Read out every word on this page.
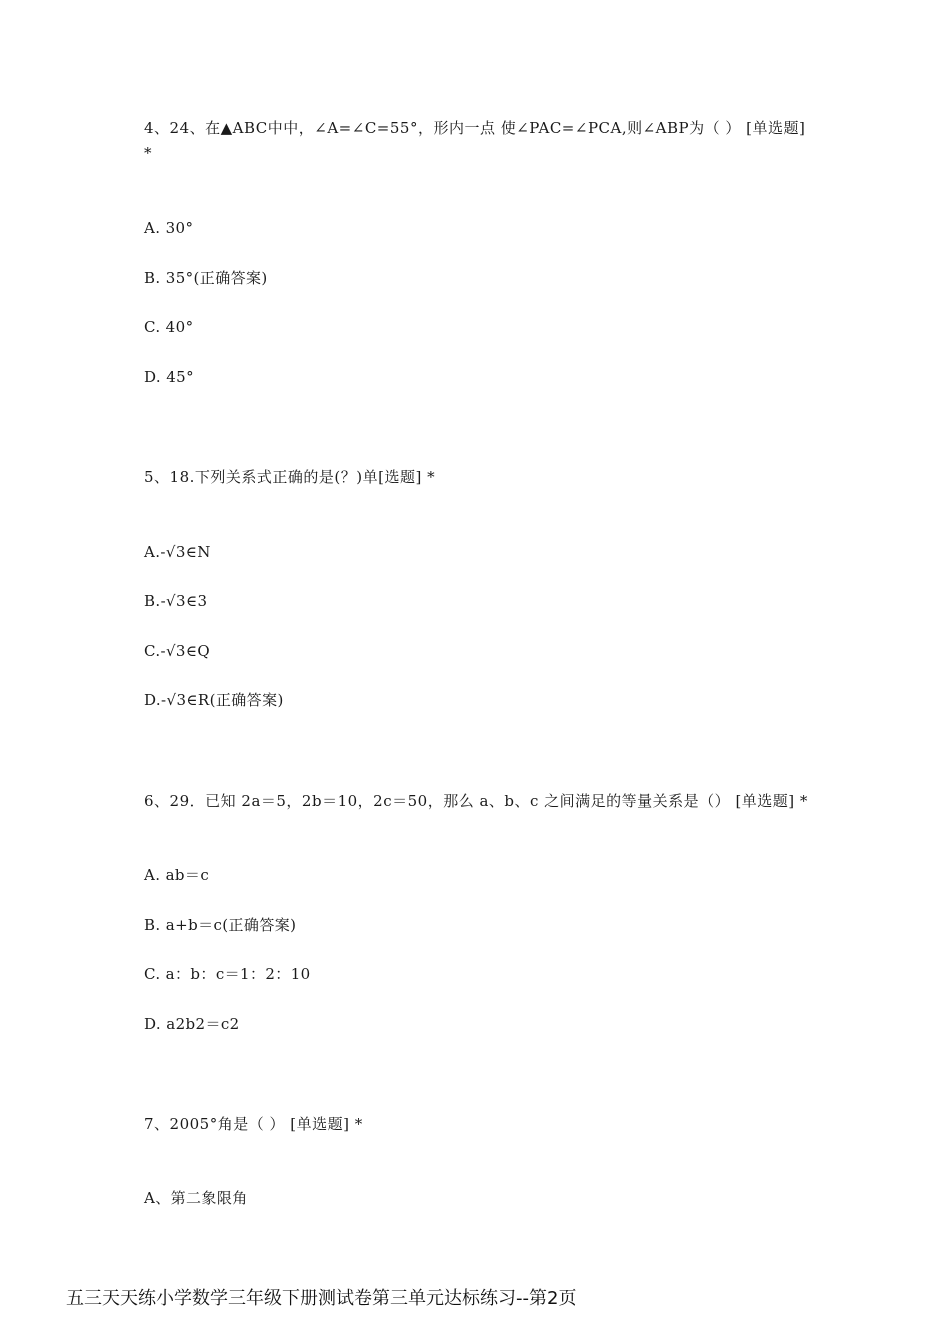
4、24、在▲ABC中中，∠A=∠C=55°，形内一点 使∠PAC=∠PCA,则∠ABP为（ ） [单选题] *
A. 30°
B. 35°(正确答案)
C. 40°
D. 45°
5、18.下列关系式正确的是(？)单[选题] *
A.-√3∈N
B.-√3∈3
C.-√3∈Q
D.-√3∈R(正确答案)
6、29．已知 2a＝5，2b＝10，2c＝50，那么 a、b、c 之间满足的等量关系是（） [单选题] *
A. ab＝c
B. a+b＝c(正确答案)
C. a：b：c＝1：2：10
D. a2b2＝c2
7、2005°角是（ ） [单选题] *
A、第二象限角
五三天天练小学数学三年级下册测试卷第三单元达标练习--第2页
